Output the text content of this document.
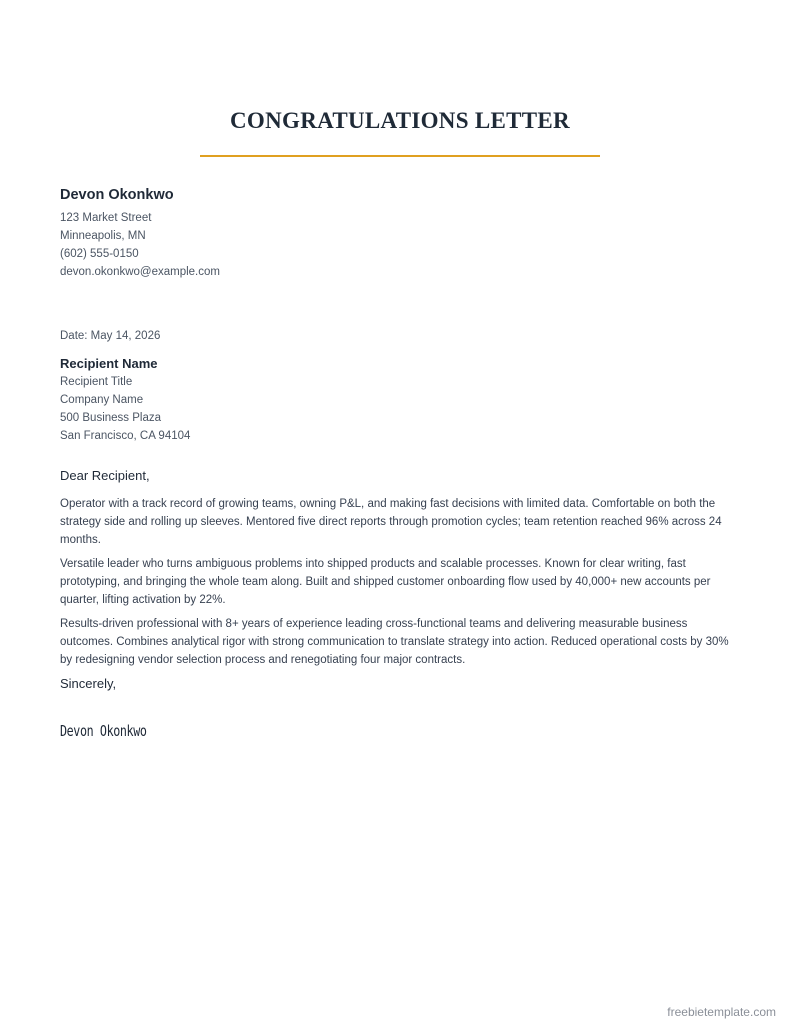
CONGRATULATIONS LETTER
Devon Okonkwo
123 Market Street
Minneapolis, MN
(602) 555-0150
devon.okonkwo@example.com
Date: May 14, 2026
Recipient Name
Recipient Title
Company Name
500 Business Plaza
San Francisco, CA 94104
Dear Recipient,

Operator with a track record of growing teams, owning P&L, and making fast decisions with limited data. Comfortable on both the strategy side and rolling up sleeves. Mentored five direct reports through promotion cycles; team retention reached 96% across 24 months.

Versatile leader who turns ambiguous problems into shipped products and scalable processes. Known for clear writing, fast prototyping, and bringing the whole team along. Built and shipped customer onboarding flow used by 40,000+ new accounts per quarter, lifting activation by 22%.

Results-driven professional with 8+ years of experience leading cross-functional teams and delivering measurable business outcomes. Combines analytical rigor with strong communication to translate strategy into action. Reduced operational costs by 30% by redesigning vendor selection process and renegotiating four major contracts.

Sincerely,
Devon Okonkwo
freebietemplate.com
